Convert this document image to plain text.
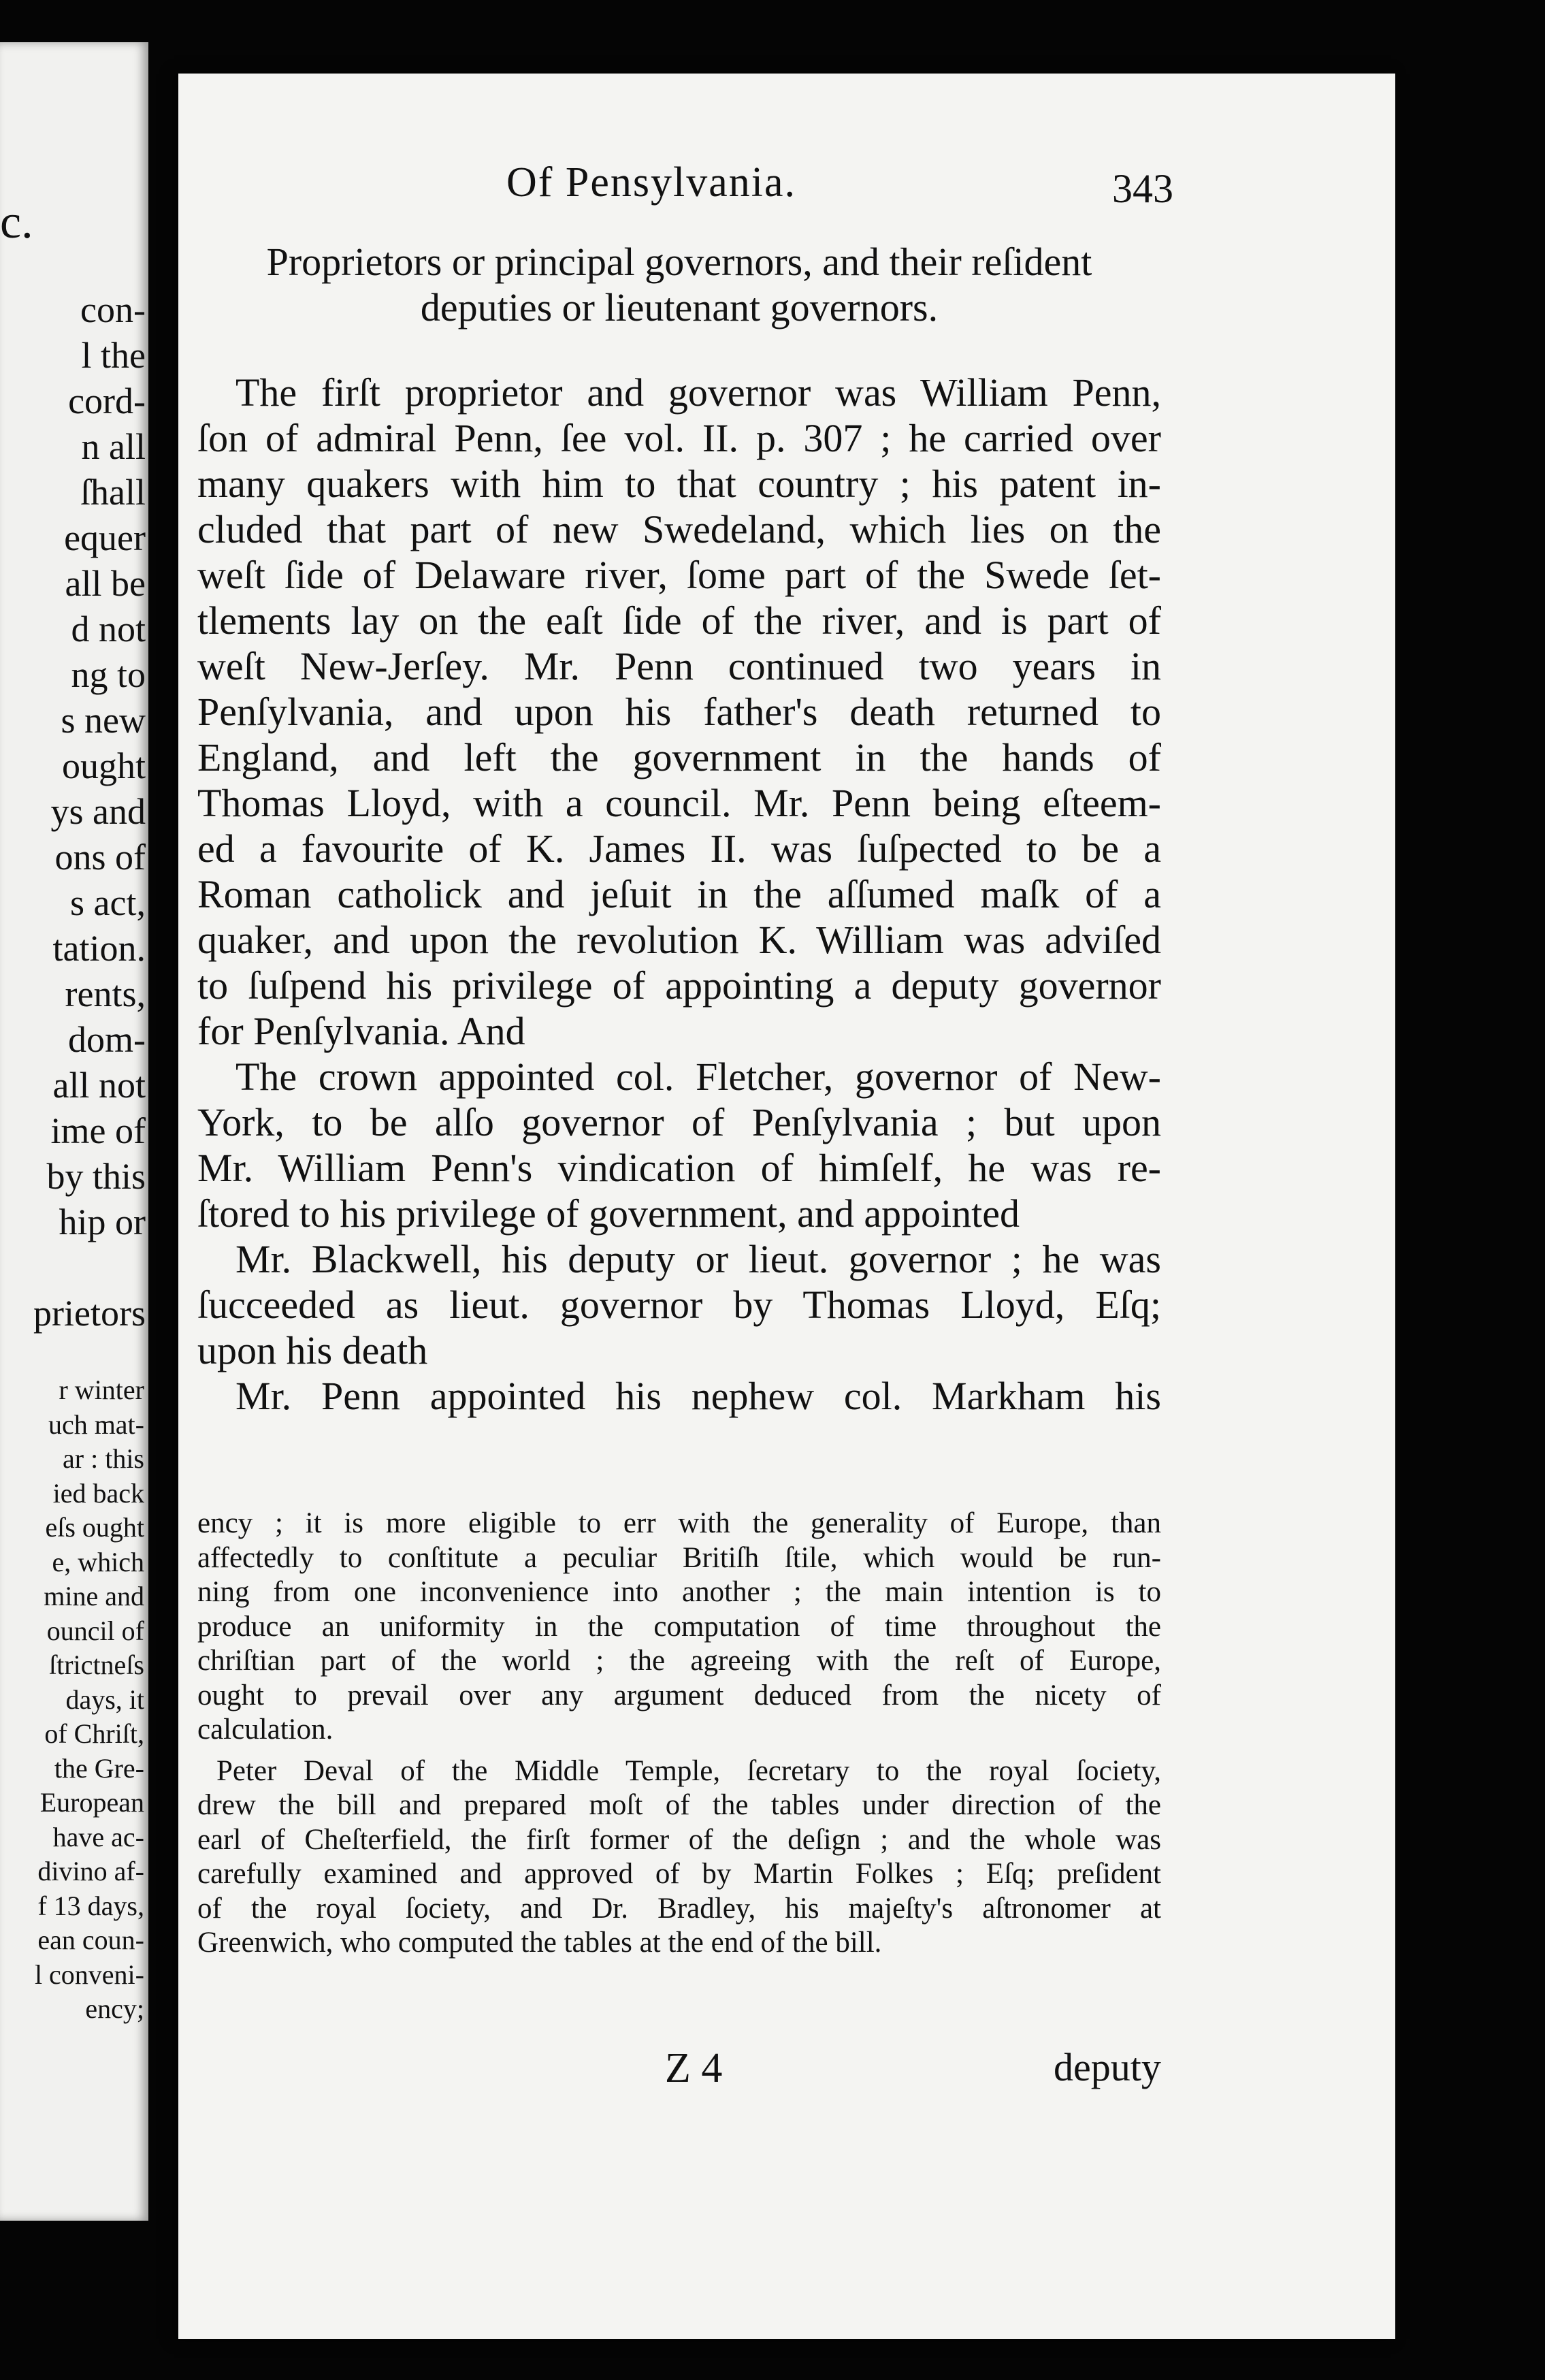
c.
con-
l the
cord-
n all
ſhall
equer
all be
d not
ng to
s new
ought
ys and
ons of
s act,
tation.
rents,
dom-
all not
ime of
by this
hip or
prietors
r winter
uch mat-
ar : this
ied back
eſs ought
e, which
mine and
ouncil of
ſtrictneſs
days, it
of Chriſt,
the Gre-
European
have ac-
divino af-
f 13 days,
ean coun-
l conveni-
ency;
Of Pensylvania.	343
Proprietors or principal governors, and their reſident
deputies or lieutenant governors.
The firſt proprietor and governor was William Penn,
ſon of admiral Penn, ſee vol. II. p. 307 ; he carried over
many quakers with him to that country ; his patent in-
cluded that part of new Swedeland, which lies on the
weſt ſide of Delaware river, ſome part of the Swede ſet-
tlements lay on the eaſt ſide of the river, and is part of
weſt New-Jerſey. Mr. Penn continued two years in
Penſylvania, and upon his father's death returned to
England, and left the government in the hands of
Thomas Lloyd, with a council. Mr. Penn being eſteem-
ed a favourite of K. James II. was ſuſpected to be a
Roman catholick and jeſuit in the aſſumed maſk of a
quaker, and upon the revolution K. William was adviſed
to ſuſpend his privilege of appointing a deputy governor
for Penſylvania. And
The crown appointed col. Fletcher, governor of New-
York, to be alſo governor of Penſylvania ; but upon
Mr. William Penn's vindication of himſelf, he was re-
ſtored to his privilege of government, and appointed
Mr. Blackwell, his deputy or lieut. governor ; he was
ſucceeded as lieut. governor by Thomas Lloyd, Eſq;
upon his death
Mr. Penn appointed his nephew col. Markham his
ency ; it is more eligible to err with the generality of Europe, than
affectedly to conſtitute a peculiar Britiſh ſtile, which would be run-
ning from one inconvenience into another ; the main intention is to
produce an uniformity in the computation of time throughout the
chriſtian part of the world ; the agreeing with the reſt of Europe,
ought to prevail over any argument deduced from the nicety of
calculation.
Peter Deval of the Middle Temple, ſecretary to the royal ſociety,
drew the bill and prepared moſt of the tables under direction of the
earl of Cheſterfield, the firſt former of the deſign ; and the whole was
carefully examined and approved of by Martin Folkes ; Eſq; preſident
of the royal ſociety, and Dr. Bradley, his majeſty's aſtronomer at
Greenwich, who computed the tables at the end of the bill.
Z 4	deputy
